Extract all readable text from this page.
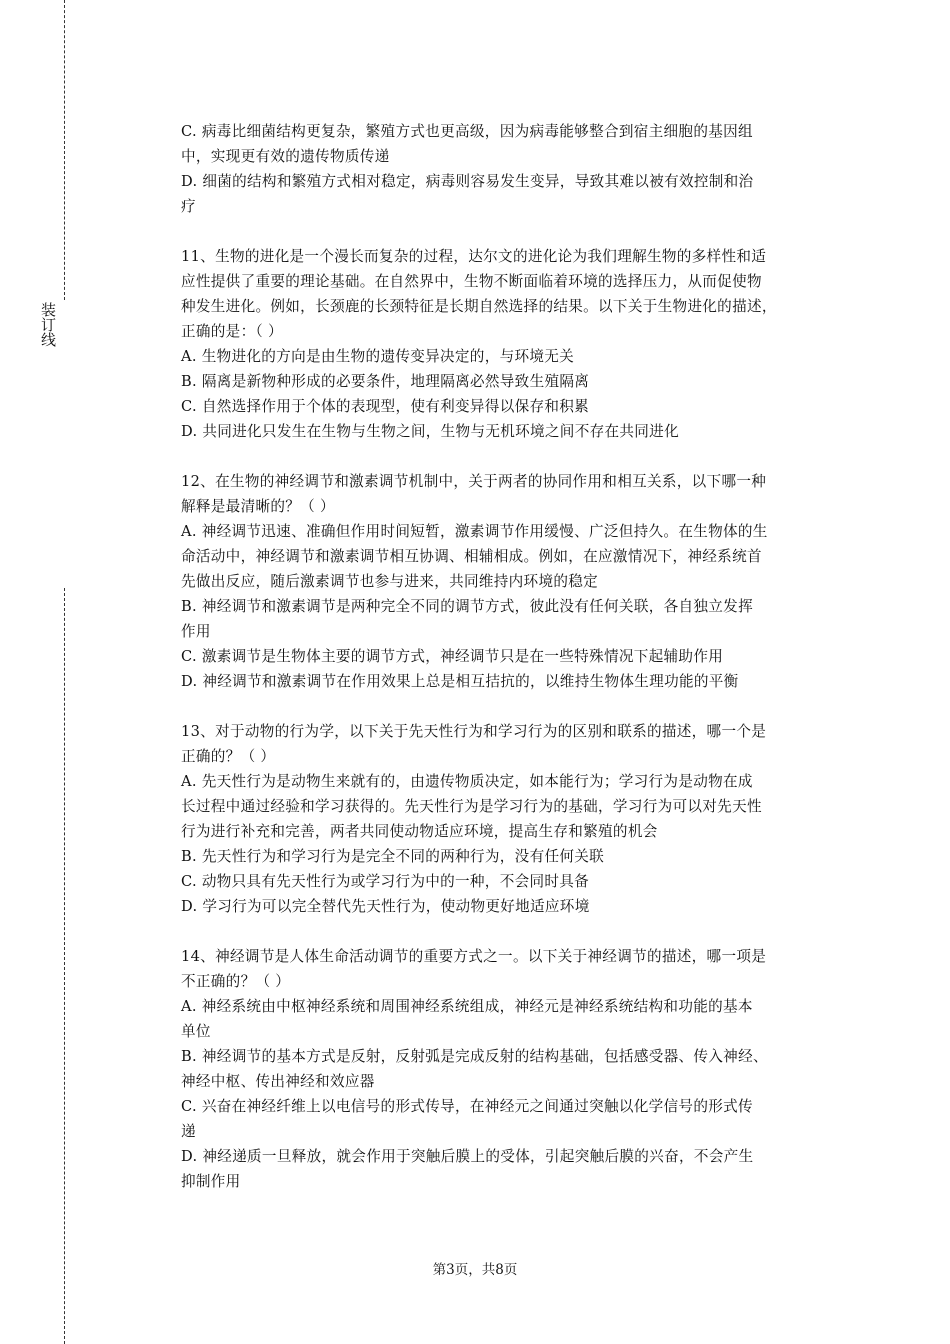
装订线
C. 病毒比细菌结构更复杂，繁殖方式也更高级，因为病毒能够整合到宿主细胞的基因组
中，实现更有效的遗传物质传递
D. 细菌的结构和繁殖方式相对稳定，病毒则容易发生变异，导致其难以被有效控制和治
疗
11、生物的进化是一个漫长而复杂的过程，达尔文的进化论为我们理解生物的多样性和适
应性提供了重要的理论基础。在自然界中，生物不断面临着环境的选择压力，从而促使物
种发生进化。例如，长颈鹿的长颈特征是长期自然选择的结果。以下关于生物进化的描述，
正确的是：（ ）
A. 生物进化的方向是由生物的遗传变异决定的，与环境无关
B. 隔离是新物种形成的必要条件，地理隔离必然导致生殖隔离
C. 自然选择作用于个体的表现型，使有利变异得以保存和积累
D. 共同进化只发生在生物与生物之间，生物与无机环境之间不存在共同进化
12、在生物的神经调节和激素调节机制中，关于两者的协同作用和相互关系，以下哪一种
解释是最清晰的？（ ）
A. 神经调节迅速、准确但作用时间短暂，激素调节作用缓慢、广泛但持久。在生物体的生
命活动中，神经调节和激素调节相互协调、相辅相成。例如，在应激情况下，神经系统首
先做出反应，随后激素调节也参与进来，共同维持内环境的稳定
B. 神经调节和激素调节是两种完全不同的调节方式，彼此没有任何关联，各自独立发挥
作用
C. 激素调节是生物体主要的调节方式，神经调节只是在一些特殊情况下起辅助作用
D. 神经调节和激素调节在作用效果上总是相互拮抗的，以维持生物体生理功能的平衡
13、对于动物的行为学，以下关于先天性行为和学习行为的区别和联系的描述，哪一个是
正确的？（ ）
A. 先天性行为是动物生来就有的，由遗传物质决定，如本能行为；学习行为是动物在成
长过程中通过经验和学习获得的。先天性行为是学习行为的基础，学习行为可以对先天性
行为进行补充和完善，两者共同使动物适应环境，提高生存和繁殖的机会
B. 先天性行为和学习行为是完全不同的两种行为，没有任何关联
C. 动物只具有先天性行为或学习行为中的一种，不会同时具备
D. 学习行为可以完全替代先天性行为，使动物更好地适应环境
14、神经调节是人体生命活动调节的重要方式之一。以下关于神经调节的描述，哪一项是
不正确的？（ ）
A. 神经系统由中枢神经系统和周围神经系统组成，神经元是神经系统结构和功能的基本
单位
B. 神经调节的基本方式是反射，反射弧是完成反射的结构基础，包括感受器、传入神经、
神经中枢、传出神经和效应器
C. 兴奋在神经纤维上以电信号的形式传导，在神经元之间通过突触以化学信号的形式传
递
D. 神经递质一旦释放，就会作用于突触后膜上的受体，引起突触后膜的兴奋，不会产生
抑制作用
第3页，共8页
